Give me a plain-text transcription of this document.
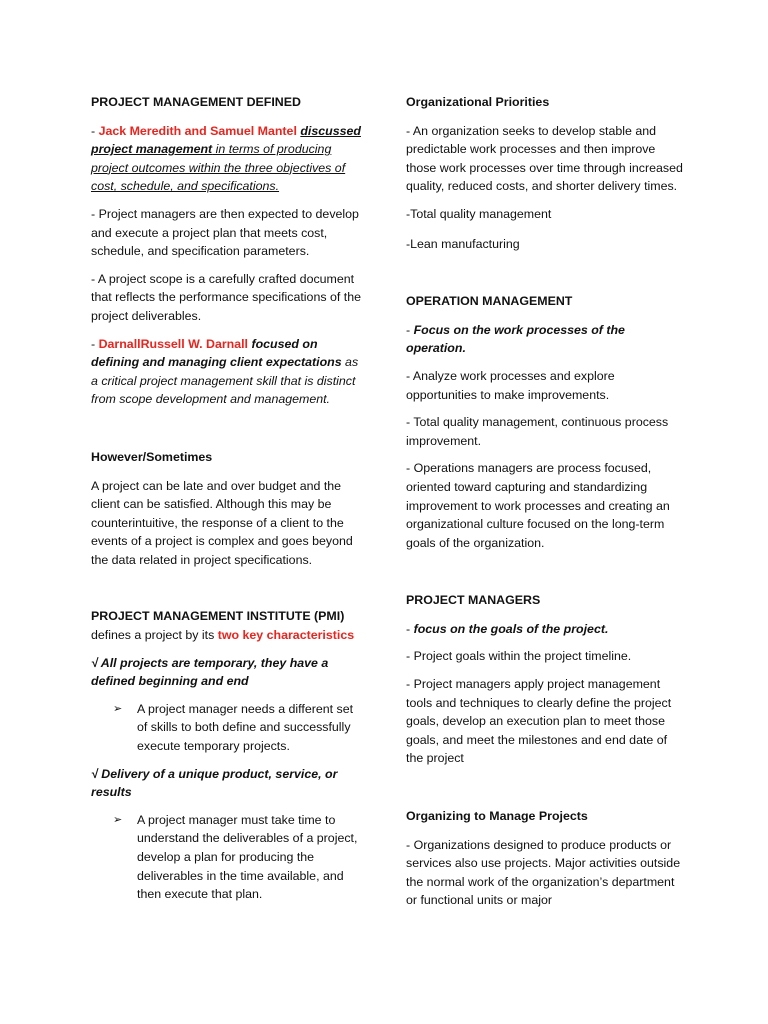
PROJECT MANAGEMENT DEFINED

- Jack Meredith and Samuel Mantel discussed project management in terms of producing project outcomes within the three objectives of cost, schedule, and specifications.

- Project managers are then expected to develop and execute a project plan that meets cost, schedule, and specification parameters.

- A project scope is a carefully crafted document that reflects the performance specifications of the project deliverables.

- DarnallRussell W. Darnall focused on defining and managing client expectations as a critical project management skill that is distinct from scope development and management.

However/Sometimes

A project can be late and over budget and the client can be satisfied. Although this may be counterintuitive, the response of a client to the events of a project is complex and goes beyond the data related in project specifications.

PROJECT MANAGEMENT INSTITUTE (PMI)

defines a project by its two key characteristics

√ All projects are temporary, they have a defined beginning and end

➢ A project manager needs a different set of skills to both define and successfully execute temporary projects.

√ Delivery of a unique product, service, or results

➢ A project manager must take time to understand the deliverables of a project, develop a plan for producing the deliverables in the time available, and then execute that plan.

Organizational Priorities

- An organization seeks to develop stable and predictable work processes and then improve those work processes over time through increased quality, reduced costs, and shorter delivery times.

-Total quality management

-Lean manufacturing

OPERATION MANAGEMENT

- Focus on the work processes of the operation.

- Analyze work processes and explore opportunities to make improvements.

- Total quality management, continuous process improvement.

- Operations managers are process focused, oriented toward capturing and standardizing improvement to work processes and creating an organizational culture focused on the long-term goals of the organization.

PROJECT MANAGERS

- focus on the goals of the project.

- Project goals within the project timeline.

- Project managers apply project management tools and techniques to clearly define the project goals, develop an execution plan to meet those goals, and meet the milestones and end date of the project

Organizing to Manage Projects

- Organizations designed to produce products or services also use projects. Major activities outside the normal work of the organization’s department or functional units or major
